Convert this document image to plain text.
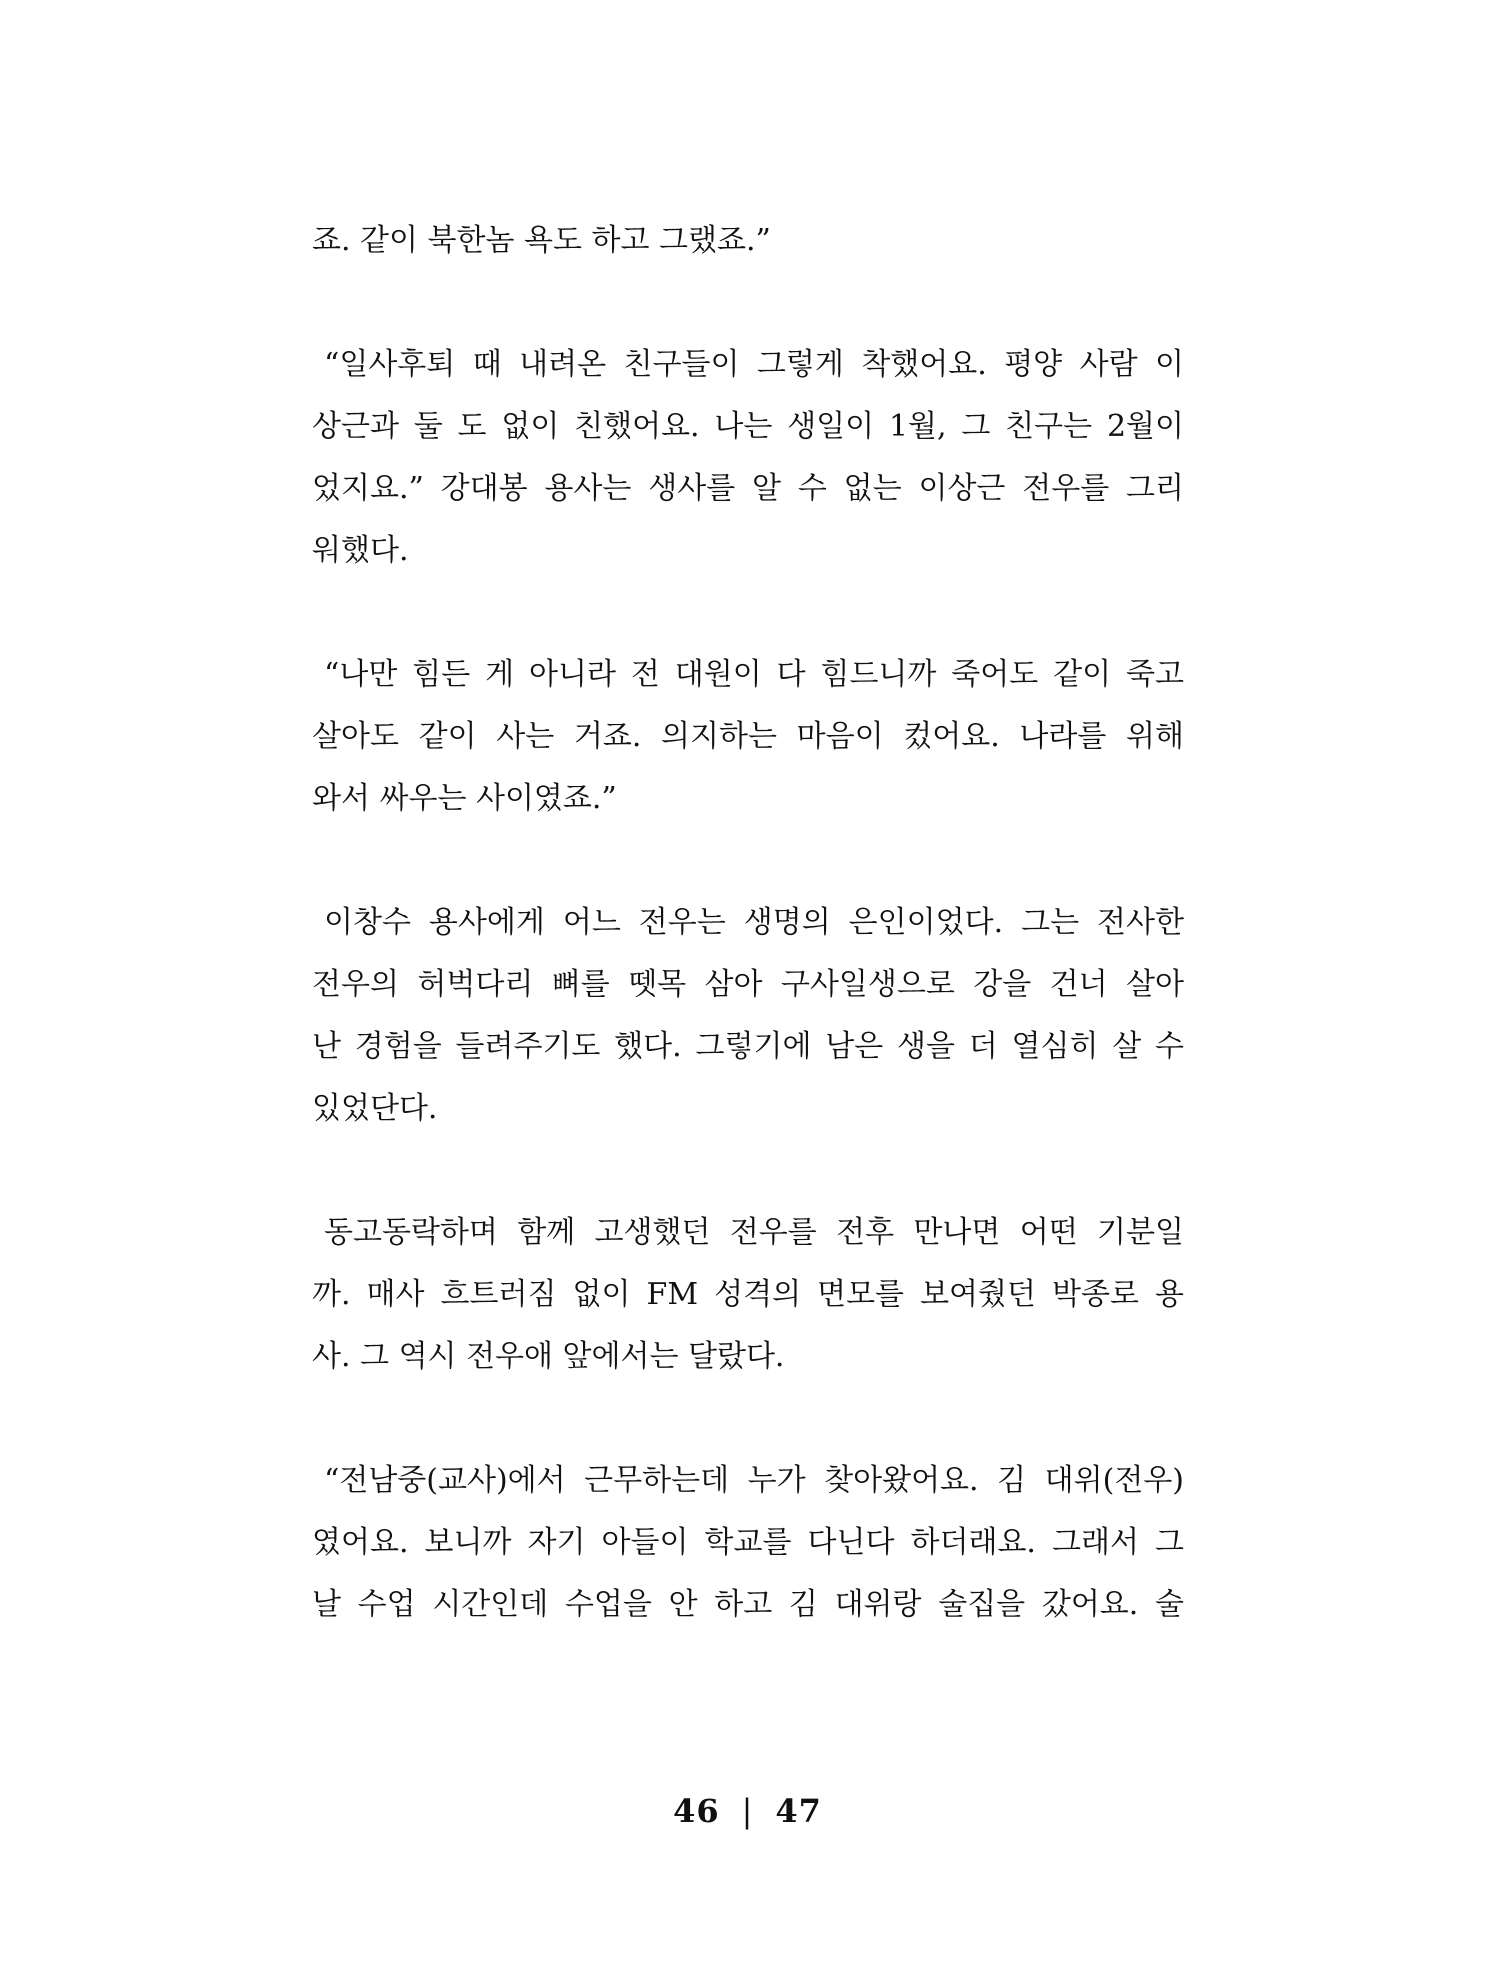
죠. 같이 북한놈 욕도 하고 그랬죠.”
“일사후퇴 때 내려온 친구들이 그렇게 착했어요. 평양 사람 이
상근과 둘 도 없이 친했어요. 나는 생일이 1월, 그 친구는 2월이
었지요.” 강대봉 용사는 생사를 알 수 없는 이상근 전우를 그리
워했다.
“나만 힘든 게 아니라 전 대원이 다 힘드니까 죽어도 같이 죽고
살아도 같이 사는 거죠. 의지하는 마음이 컸어요. 나라를 위해
와서 싸우는 사이였죠.”
이창수 용사에게 어느 전우는 생명의 은인이었다. 그는 전사한
전우의 허벅다리 뼈를 뗏목 삼아 구사일생으로 강을 건너 살아
난 경험을 들려주기도 했다. 그렇기에 남은 생을 더 열심히 살 수
있었단다.
동고동락하며 함께 고생했던 전우를 전후 만나면 어떤 기분일
까. 매사 흐트러짐 없이 FM 성격의 면모를 보여줬던 박종로 용
사. 그 역시 전우애 앞에서는 달랐다.
“전남중(교사)에서 근무하는데 누가 찾아왔어요. 김 대위(전우)
였어요. 보니까 자기 아들이 학교를 다닌다 하더래요. 그래서 그
날 수업 시간인데 수업을 안 하고 김 대위랑 술집을 갔어요. 술
46 | 47
